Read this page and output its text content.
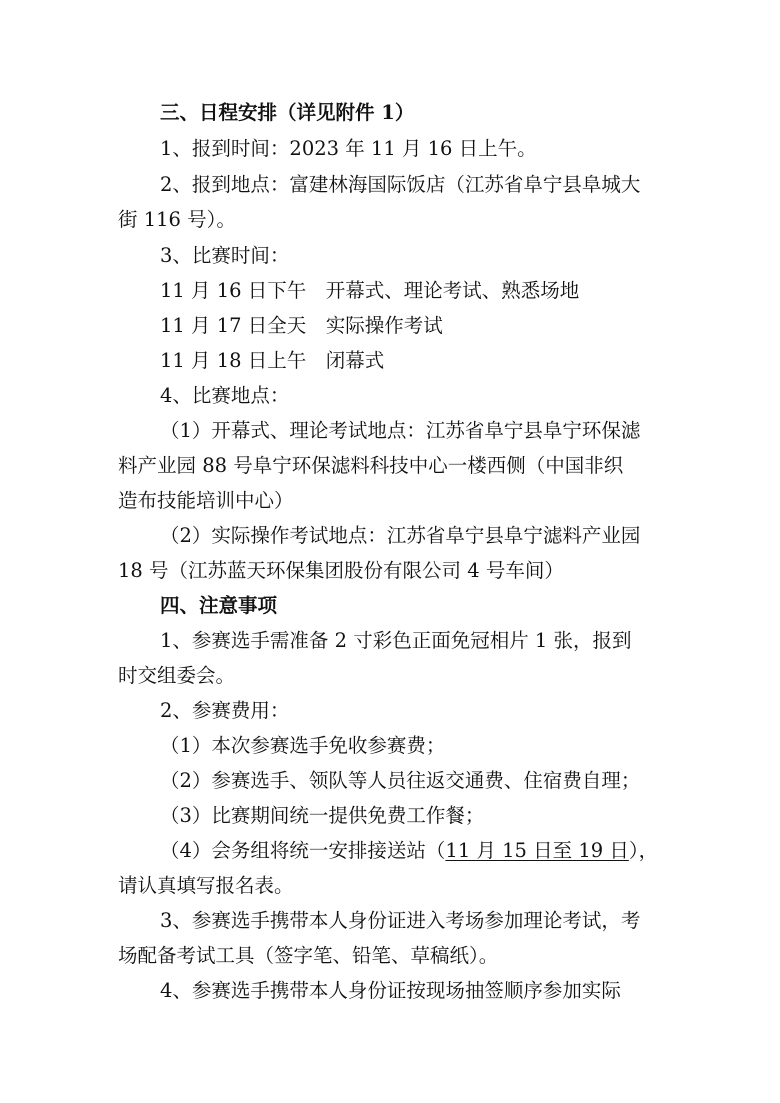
三、日程安排（详见附件 1）
1、报到时间：2023 年 11 月 16 日上午。
2、报到地点：富建林海国际饭店（江苏省阜宁县阜城大
街 116 号）。
3、比赛时间：
11 月 16 日下午　开幕式、理论考试、熟悉场地
11 月 17 日全天　实际操作考试
11 月 18 日上午　闭幕式
4、比赛地点：
（1）开幕式、理论考试地点：江苏省阜宁县阜宁环保滤
料产业园 88 号阜宁环保滤料科技中心一楼西侧（中国非织
造布技能培训中心）
（2）实际操作考试地点：江苏省阜宁县阜宁滤料产业园
18 号（江苏蓝天环保集团股份有限公司 4 号车间）
四、注意事项
1、参赛选手需准备 2 寸彩色正面免冠相片 1 张，报到
时交组委会。
2、参赛费用：
（1）本次参赛选手免收参赛费；
（2）参赛选手、领队等人员往返交通费、住宿费自理；
（3）比赛期间统一提供免费工作餐；
（4）会务组将统一安排接送站（11 月 15 日至 19 日），
请认真填写报名表。
3、参赛选手携带本人身份证进入考场参加理论考试，考
场配备考试工具（签字笔、铅笔、草稿纸）。
4、参赛选手携带本人身份证按现场抽签顺序参加实际
